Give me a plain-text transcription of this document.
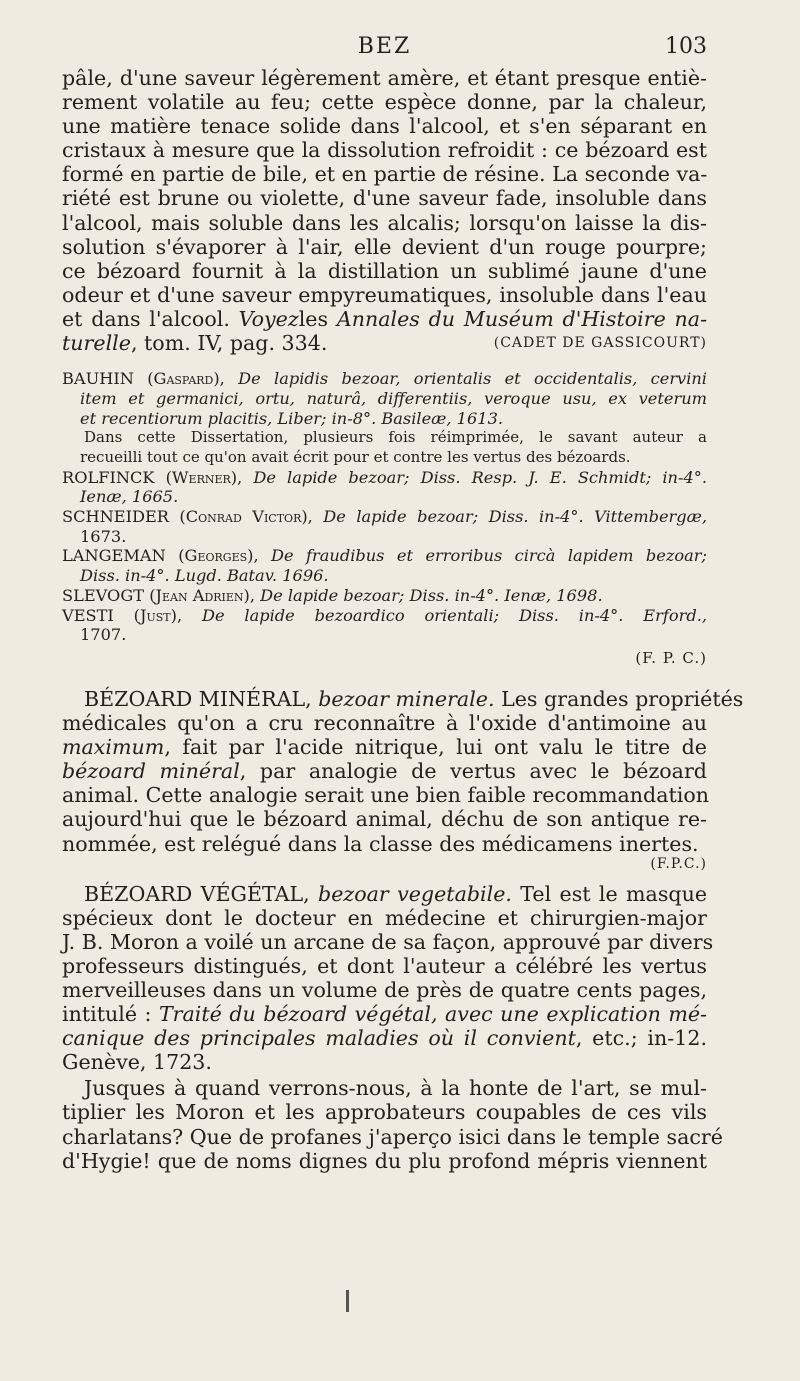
BEZ	103
pâle, d'une saveur légèrement amère, et étant presque entiè-
rement volatile au feu; cette espèce donne, par la chaleur,
une matière tenace solide dans l'alcool, et s'en séparant en
cristaux à mesure que la dissolution refroidit : ce bézoard est
formé en partie de bile, et en partie de résine. La seconde va-
riété est brune ou violette, d'une saveur fade, insoluble dans
l'alcool, mais soluble dans les alcalis; lorsqu'on laisse la dis-
solution s'évaporer à l'air, elle devient d'un rouge pourpre;
ce bézoard fournit à la distillation un sublimé jaune d'une
odeur et d'une saveur empyreumatiques, insoluble dans l'eau
et dans l'alcool. Voyezles Annales du Muséum d'Histoire na-
turelle, tom. IV, pag. 334.	(CADET DE GASSICOURT)
BAUHIN (Gaspard), De lapidis bezoar, orientalis et occidentalis, cervini
item et germanici, ortu, naturâ, differentiis, veroque usu, ex veterum
et recentiorum placitis, Liber; in-8°. Basileæ, 1613.
Dans cette Dissertation, plusieurs fois réimprimée, le savant auteur a
recueilli tout ce qu'on avait écrit pour et contre les vertus des bézoards.
ROLFINCK (Werner), De lapide bezoar; Diss. Resp. J. E. Schmidt; in-4°.
Ienæ, 1665.
SCHNEIDER (Conrad Victor), De lapide bezoar; Diss. in-4°. Vittembergæ,
1673.
LANGEMAN (Georges), De fraudibus et erroribus circà lapidem bezoar;
Diss. in-4°. Lugd. Batav. 1696.
SLEVOGT (Jean Adrien), De lapide bezoar; Diss. in-4°. Ienæ, 1698.
VESTI (Just), De lapide bezoardico orientali; Diss. in-4°. Erford.,
1707.
(F. P. C.)
BÉZOARD MINÉRAL, bezoar minerale. Les grandes propriétés
médicales qu'on a cru reconnaître à l'oxide d'antimoine au
maximum, fait par l'acide nitrique, lui ont valu le titre de
bézoard minéral, par analogie de vertus avec le bézoard
animal. Cette analogie serait une bien faible recommandation
aujourd'hui que le bézoard animal, déchu de son antique re-
nommée, est relégué dans la classe des médicamens inertes.
(F.P.C.)
BÉZOARD VÉGÉTAL, bezoar vegetabile. Tel est le masque
spécieux dont le docteur en médecine et chirurgien-major
J. B. Moron a voilé un arcane de sa façon, approuvé par divers
professeurs distingués, et dont l'auteur a célébré les vertus
merveilleuses dans un volume de près de quatre cents pages,
intitulé : Traité du bézoard végétal, avec une explication mé-
canique des principales maladies où il convient, etc.; in-12.
Genève, 1723.
Jusques à quand verrons-nous, à la honte de l'art, se mul-
tiplier les Moron et les approbateurs coupables de ces vils
charlatans? Que de profanes j'aperço isici dans le temple sacré
d'Hygie! que de noms dignes du plu profond mépris viennent
